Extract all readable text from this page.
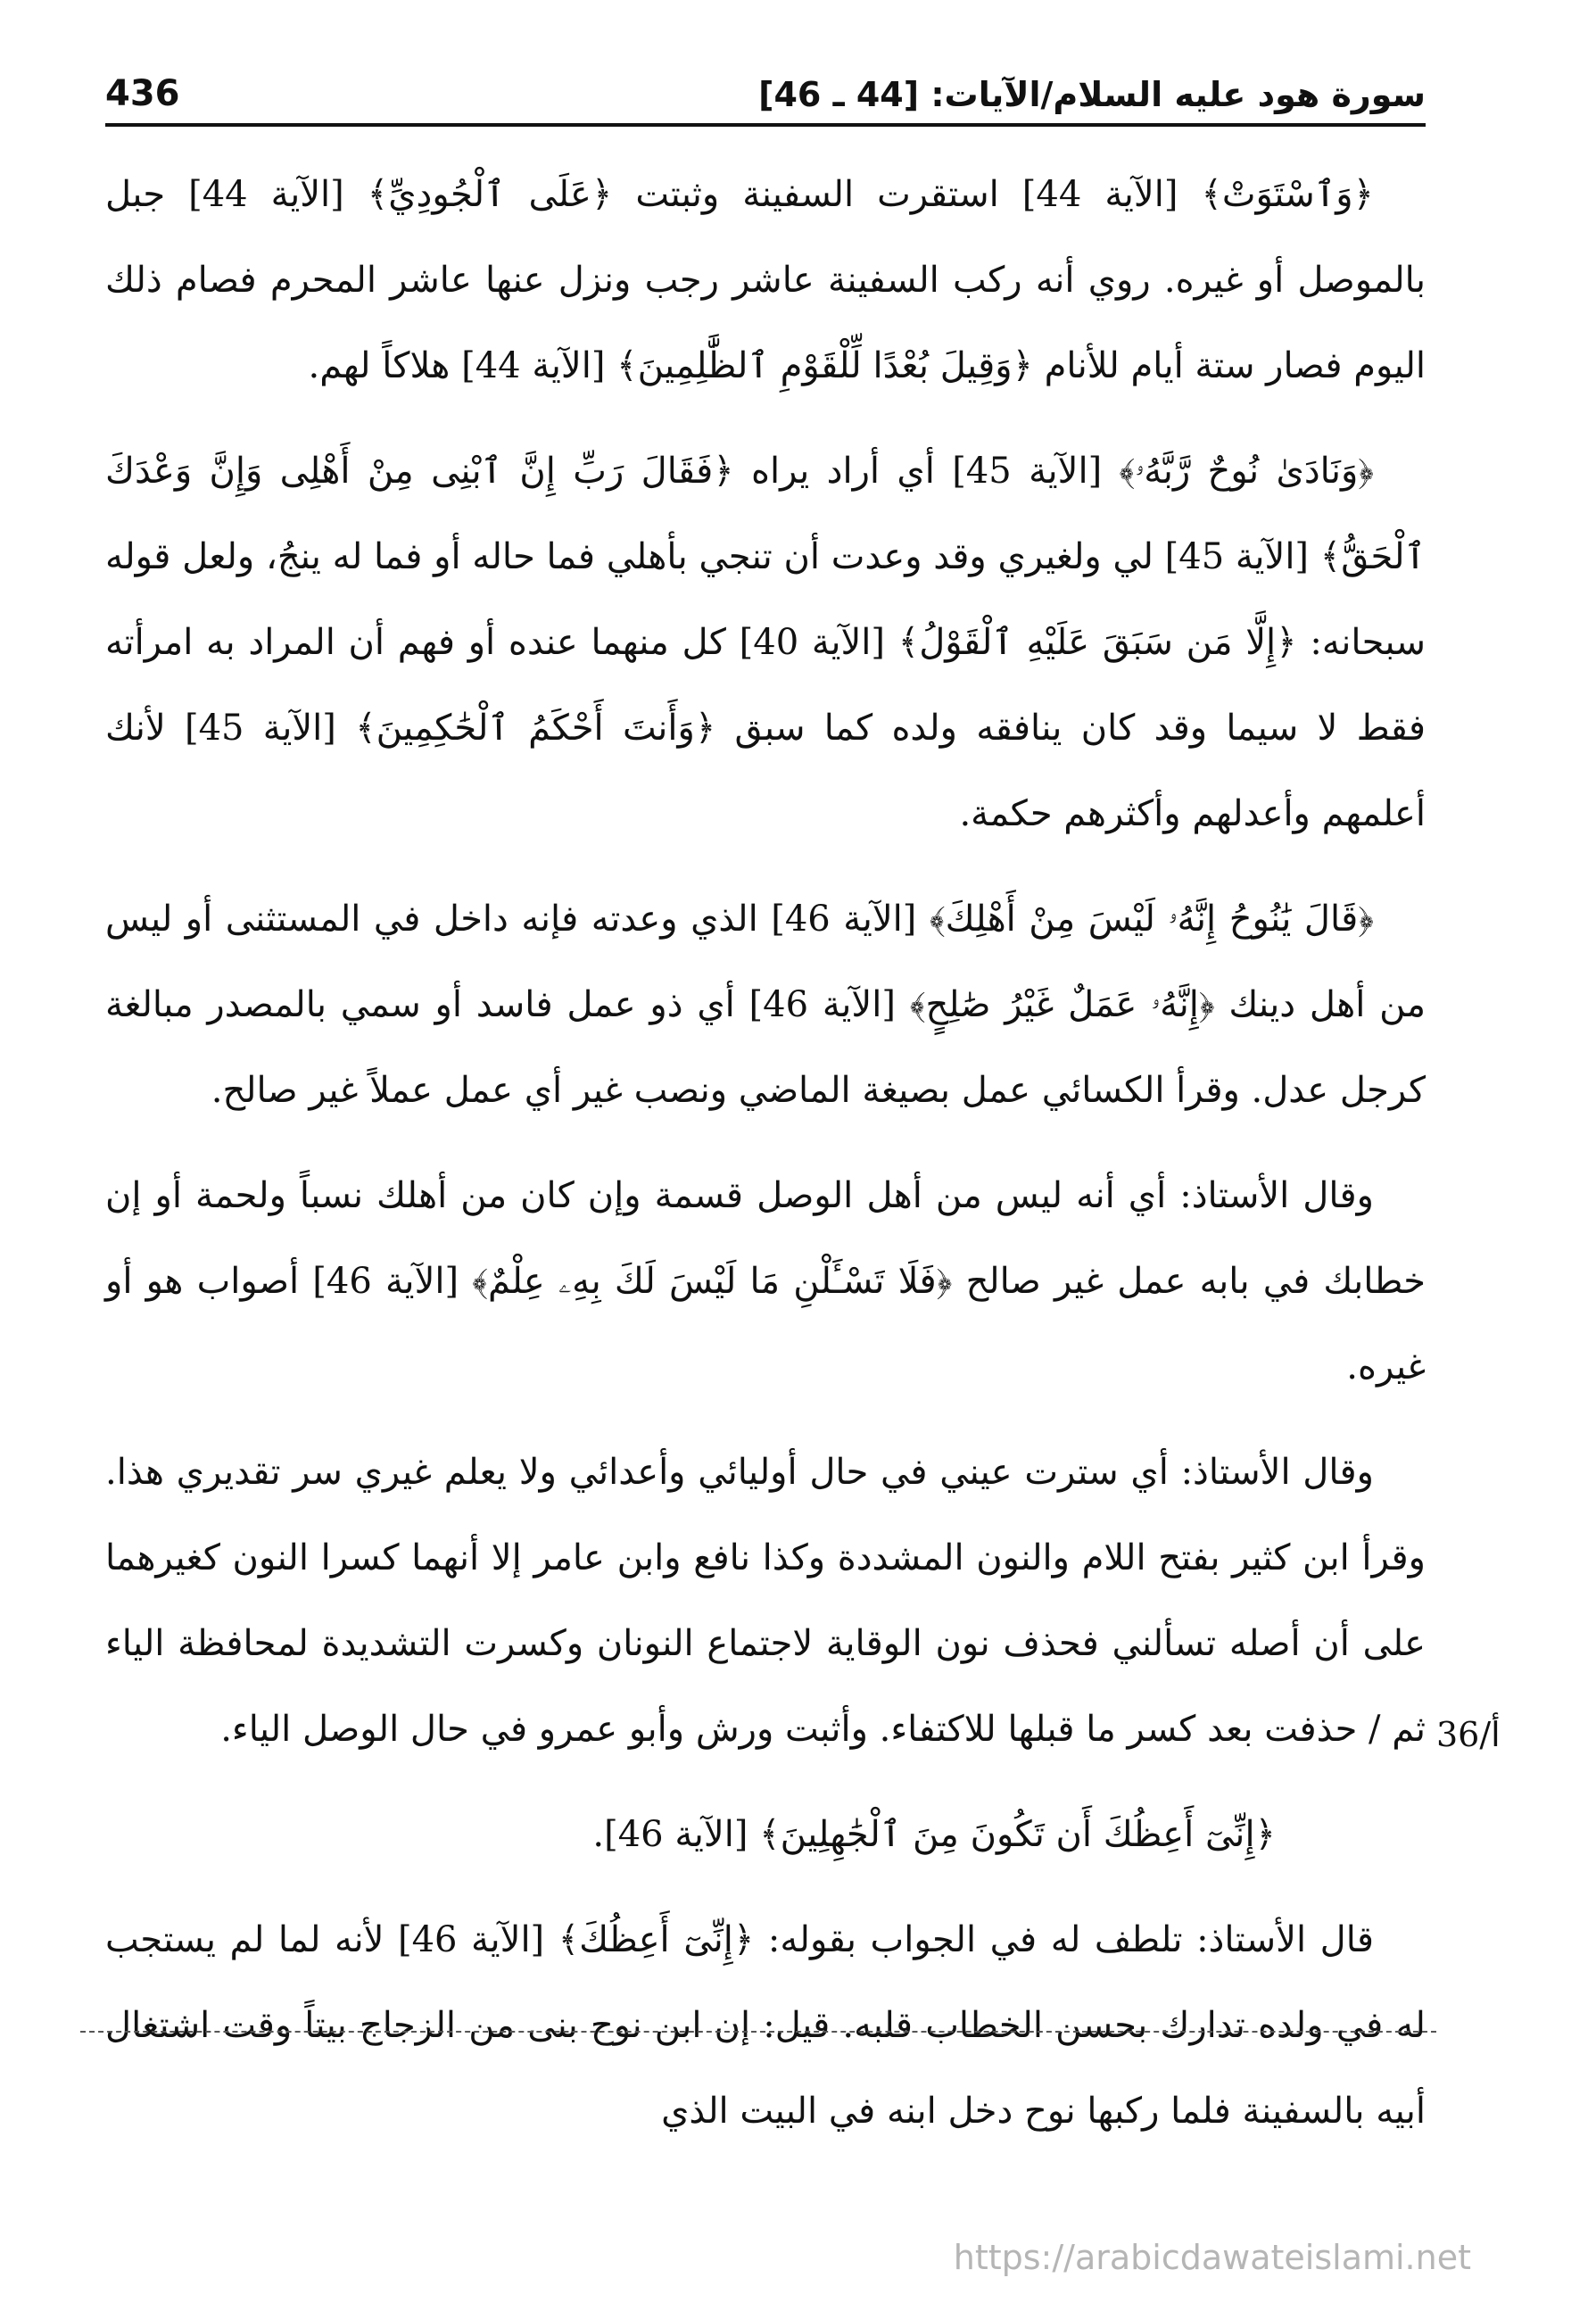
436	سورة هود عليه السلام/الآيات: [44 ـ 46]

﴿وَٱسْتَوَتْ﴾ [الآية 44] استقرت السفينة وثبتت ﴿عَلَى ٱلْجُودِيِّ﴾ [الآية 44] جبل بالموصل أو غيره. روي أنه ركب السفينة عاشر رجب ونزل عنها عاشر المحرم فصام ذلك اليوم فصار ستة أيام للأنام ﴿وَقِيلَ بُعْدًا لِّلْقَوْمِ ٱلظَّٰلِمِينَ﴾ [الآية 44] هلاكاً لهم.

﴿وَنَادَىٰ نُوحٌ رَّبَّهُۥ﴾ [الآية 45] أي أراد يراه ﴿فَقَالَ رَبِّ إِنَّ ٱبْنِى مِنْ أَهْلِى وَإِنَّ وَعْدَكَ ٱلْحَقُّ﴾ [الآية 45] لي ولغيري وقد وعدت أن تنجي بأهلي فما حاله أو فما له ينجُ، ولعل قوله سبحانه: ﴿إِلَّا مَن سَبَقَ عَلَيْهِ ٱلْقَوْلُ﴾ [الآية 40] كل منهما عنده أو فهم أن المراد به امرأته فقط لا سيما وقد كان ينافقه ولده كما سبق ﴿وَأَنتَ أَحْكَمُ ٱلْحَٰكِمِينَ﴾ [الآية 45] لأنك أعلمهم وأعدلهم وأكثرهم حكمة.

﴿قَالَ يَٰنُوحُ إِنَّهُۥ لَيْسَ مِنْ أَهْلِكَ﴾ [الآية 46] الذي وعدته فإنه داخل في المستثنى أو ليس من أهل دينك ﴿إِنَّهُۥ عَمَلٌ غَيْرُ صَٰلِحٍ﴾ [الآية 46] أي ذو عمل فاسد أو سمي بالمصدر مبالغة كرجل عدل. وقرأ الكسائي عمل بصيغة الماضي ونصب غير أي عمل عملاً غير صالح.

وقال الأستاذ: أي أنه ليس من أهل الوصل قسمة وإن كان من أهلك نسباً ولحمة أو إن خطابك في بابه عمل غير صالح ﴿فَلَا تَسْـَٔلْنِ مَا لَيْسَ لَكَ بِهِۦ عِلْمٌ﴾ [الآية 46] أصواب هو أو غيره.

وقال الأستاذ: أي سترت عيني في حال أوليائي وأعدائي ولا يعلم غيري سر تقديري هذا. وقرأ ابن كثير بفتح اللام والنون المشددة وكذا نافع وابن عامر إلا أنهما كسرا النون كغيرهما على أن أصله تسألني فحذف نون الوقاية لاجتماع النونان وكسرت التشديدة لمحافظة الياء ثم / حذفت بعد كسر ما قبلها للاكتفاء. وأثبت ورش وأبو عمرو في حال الوصل الياء.

﴿إِنِّىٓ أَعِظُكَ أَن تَكُونَ مِنَ ٱلْجَٰهِلِينَ﴾ [الآية 46].

قال الأستاذ: تلطف له في الجواب بقوله: ﴿إِنِّىٓ أَعِظُكَ﴾ [الآية 46] لأنه لما لم يستجب له في ولده تدارك بحسن الخطاب قلبه. قيل: إن ابن نوح بنى من الزجاج بيتاً وقت اشتغال أبيه بالسفينة فلما ركبها نوح دخل ابنه في البيت الذي

36/أ
https://arabicdawateislami.net
